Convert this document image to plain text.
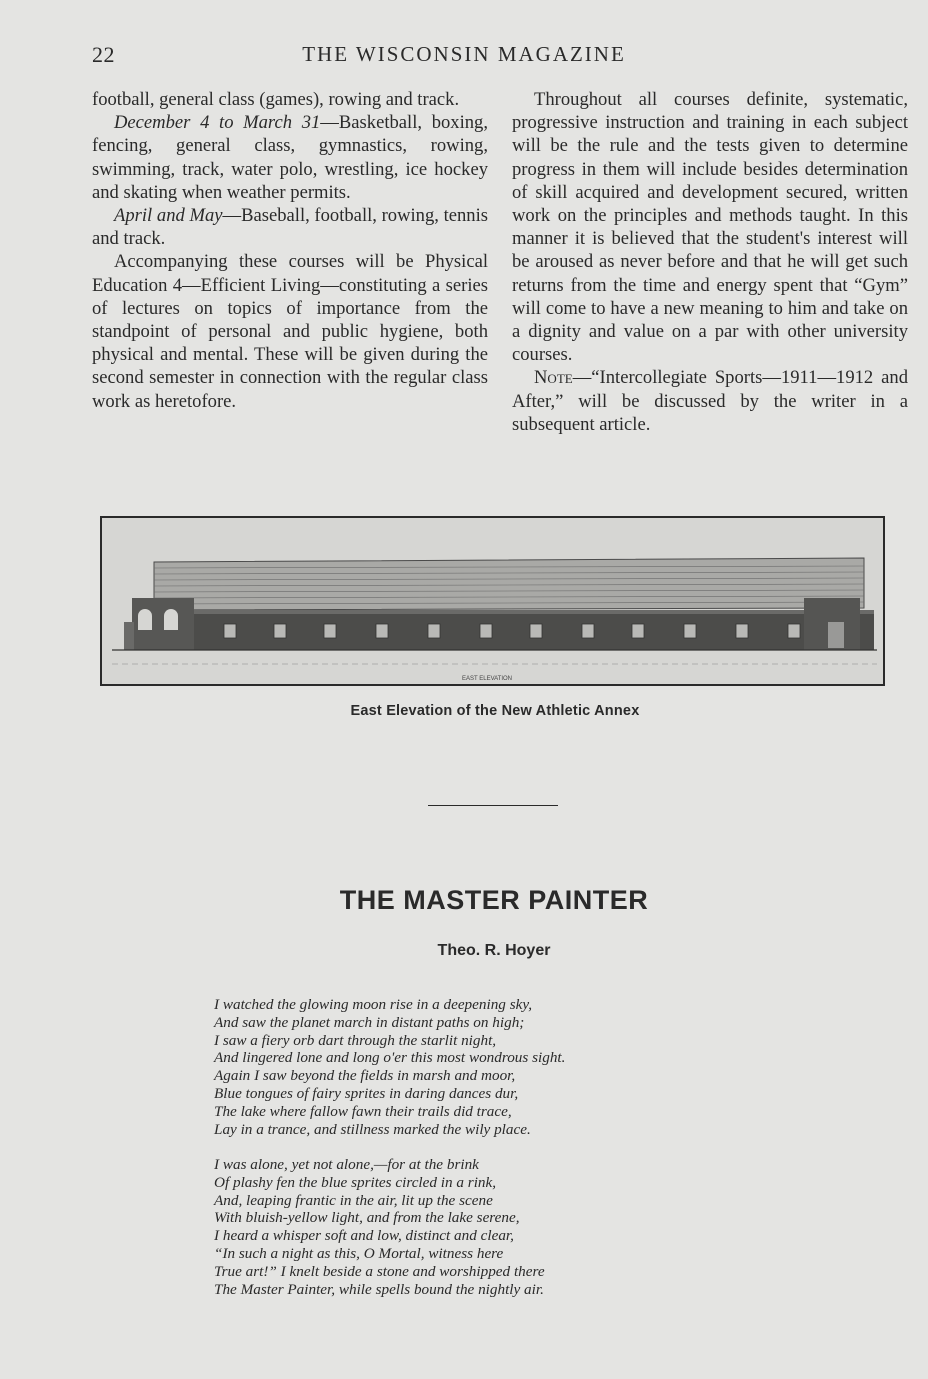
22	THE WISCONSIN MAGAZINE

football, general class (games), rowing and track.

December 4 to March 31—Basketball, boxing, fencing, general class, gymnastics, rowing, swimming, track, water polo, wrestling, ice hockey and skating when weather permits.

April and May—Baseball, football, rowing, tennis and track.

Accompanying these courses will be Physical Education 4—Efficient Living—constituting a series of lectures on topics of importance from the standpoint of personal and public hygiene, both physical and mental. These will be given during the second semester in connection with the regular class work as heretofore.

Throughout all courses definite, systematic, progressive instruction and training in each subject will be the rule and the tests given to determine progress in them will include besides determination of skill acquired and development secured, written work on the principles and methods taught. In this manner it is believed that the student's interest will be aroused as never before and that he will get such returns from the time and energy spent that “Gym” will come to have a new meaning to him and take on a dignity and value on a par with other university courses.

Note—“Intercollegiate Sports—1911—1912 and After,” will be discussed by the writer in a subsequent article.

EAST ELEVATION
East Elevation of the New Athletic Annex
THE MASTER PAINTER
Theo. R. Hoyer
I watched the glowing moon rise in a deepening sky,
And saw the planet march in distant paths on high;
I saw a fiery orb dart through the starlit night,
And lingered lone and long o'er this most wondrous sight.
Again I saw beyond the fields in marsh and moor,
Blue tongues of fairy sprites in daring dances dur,
The lake where fallow fawn their trails did trace,
Lay in a trance, and stillness marked the wily place.
I was alone, yet not alone,—for at the brink
Of plashy fen the blue sprites circled in a rink,
And, leaping frantic in the air, lit up the scene
With bluish-yellow light, and from the lake serene,
I heard a whisper soft and low, distinct and clear,
“In such a night as this, O Mortal, witness here
True art!” I knelt beside a stone and worshipped there
The Master Painter, while spells bound the nightly air.
